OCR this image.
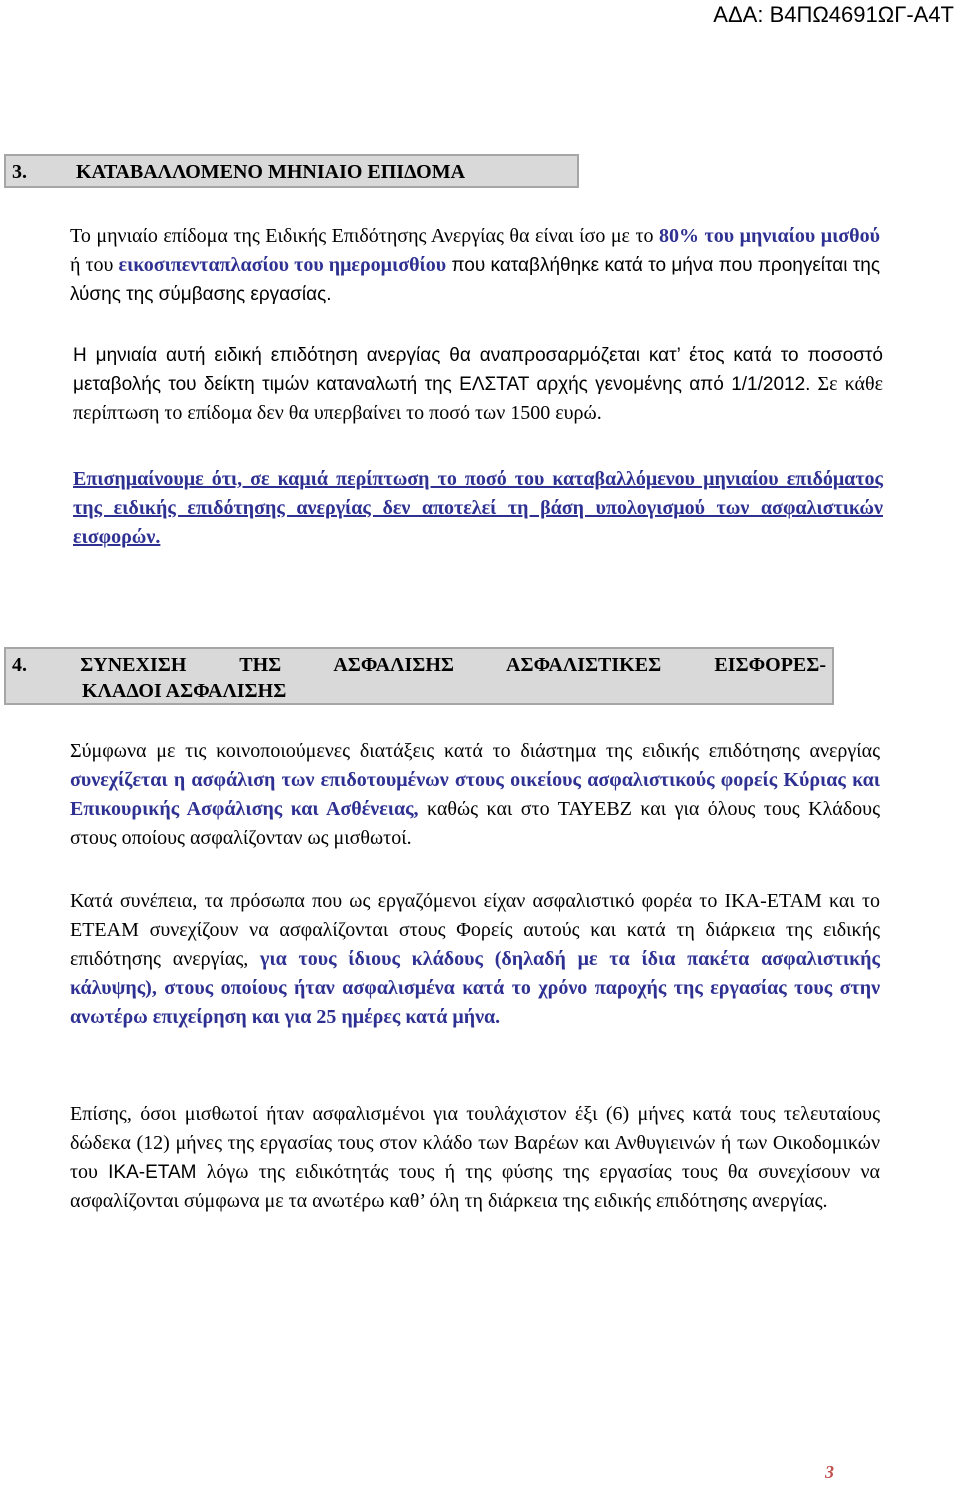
ΑΔΑ: Β4ΠΩ4691ΩΓ-Α4Τ
3. ΚΑΤΑΒΑΛΛΟΜΕΝΟ ΜΗΝΙΑΙΟ ΕΠΙΔΟΜΑ

Το μηνιαίο επίδομα της Ειδικής Επιδότησης Ανεργίας θα είναι ίσο με το 80% του μηνιαίου μισθού ή του εικοσιπενταπλασίου του ημερομισθίου που καταβλήθηκε κατά το μήνα που προηγείται της λύσης της σύμβασης εργασίας.

Η μηνιαία αυτή ειδική επιδότηση ανεργίας θα αναπροσαρμόζεται κατ’ έτος κατά το ποσοστό μεταβολής του δείκτη τιμών καταναλωτή της ΕΛΣΤΑΤ αρχής γενομένης από 1/1/2012. Σε κάθε περίπτωση το επίδομα δεν θα υπερβαίνει το ποσό των 1500 ευρώ.

Επισημαίνουμε ότι, σε καμιά περίπτωση το ποσό του καταβαλλόμενου μηνιαίου επιδόματος της ειδικής επιδότησης ανεργίας δεν αποτελεί τη βάση υπολογισμού των ασφαλιστικών εισφορών.

4.	ΣΥΝΕΧΙΣΗ ΤΗΣ ΑΣΦΑΛΙΣΗΣ ΑΣΦΑΛΙΣΤΙΚΕΣ ΕΙΣΦΟΡΕΣ-
ΚΛΑΔΟΙ ΑΣΦΑΛΙΣΗΣ

Σύμφωνα με τις κοινοποιούμενες διατάξεις κατά το διάστημα της ειδικής επιδότησης ανεργίας συνεχίζεται η ασφάλιση των επιδοτουμένων στους οικείους ασφαλιστικούς φορείς Κύριας και Επικουρικής Ασφάλισης και Ασθένειας, καθώς και στο ΤΑΥΕΒΖ και για όλους τους Κλάδους στους οποίους ασφαλίζονταν ως μισθωτοί.

Κατά συνέπεια, τα πρόσωπα που ως εργαζόμενοι είχαν ασφαλιστικό φορέα το ΙΚΑ-ΕΤΑΜ και το ΕΤΕΑΜ συνεχίζουν να ασφαλίζονται στους Φορείς αυτούς και κατά τη διάρκεια της ειδικής επιδότησης ανεργίας, για τους ίδιους κλάδους (δηλαδή με τα ίδια πακέτα ασφαλιστικής κάλυψης), στους οποίους ήταν ασφαλισμένα κατά το χρόνο παροχής της εργασίας τους στην ανωτέρω επιχείρηση και για 25 ημέρες κατά μήνα.

Επίσης, όσοι μισθωτοί ήταν ασφαλισμένοι για τουλάχιστον έξι (6) μήνες κατά τους τελευταίους δώδεκα (12) μήνες της εργασίας τους στον κλάδο των Βαρέων και Ανθυγιεινών ή των Οικοδομικών του ΙΚΑ-ΕΤΑΜ λόγω της ειδικότητάς τους ή της φύσης της εργασίας τους θα συνεχίσουν να ασφαλίζονται σύμφωνα με τα ανωτέρω καθ’ όλη τη διάρκεια της ειδικής επιδότησης ανεργίας.

3
